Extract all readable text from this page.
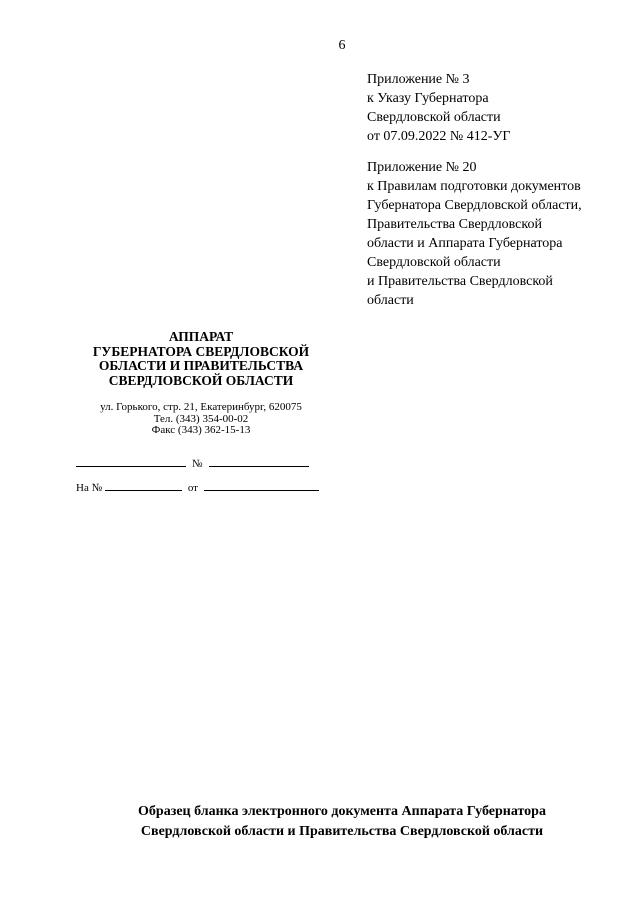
6
Приложение № 3
к Указу Губернатора
Свердловской области
от 07.09.2022 № 412-УГ
Приложение № 20
к Правилам подготовки документов
Губернатора Свердловской области,
Правительства Свердловской
области и Аппарата Губернатора
Свердловской области
и Правительства Свердловской
области
АППАРАТ
ГУБЕРНАТОРА СВЕРДЛОВСКОЙ
ОБЛАСТИ И ПРАВИТЕЛЬСТВА
СВЕРДЛОВСКОЙ ОБЛАСТИ
ул. Горького, стр. 21, Екатеринбург, 620075
Тел. (343) 354-00-02
Факс (343) 362-15-13
№
На №	от
Образец бланка электронного документа Аппарата Губернатора
Свердловской области и Правительства Свердловской области
